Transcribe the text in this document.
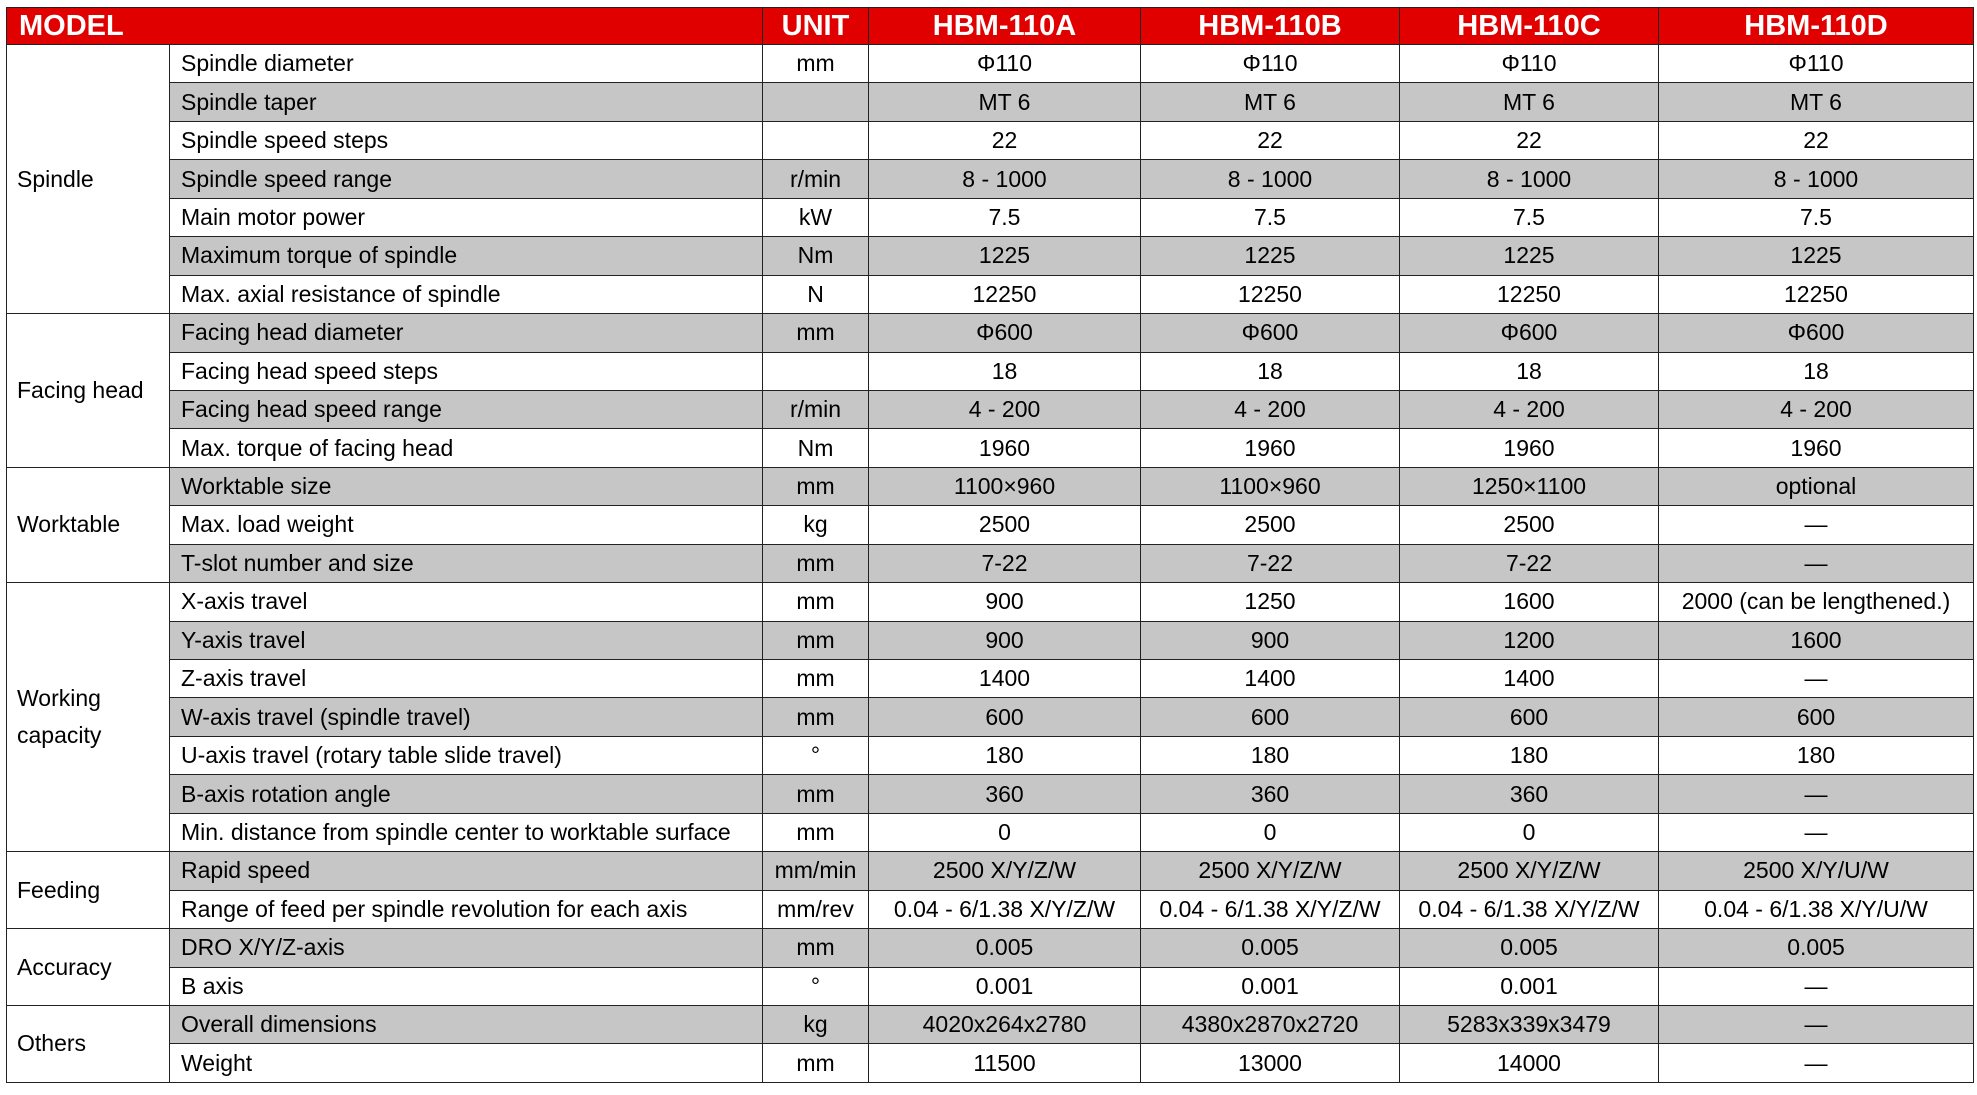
MODEL		UNIT	HBM-110A	HBM-110B	HBM-110C	HBM-110D
Spindle	Spindle diameter	mm	Φ110	Φ110	Φ110	Φ110
	Spindle taper		MT 6	MT 6	MT 6	MT 6
	Spindle speed steps		22	22	22	22
	Spindle speed range	r/min	8 - 1000	8 - 1000	8 - 1000	8 - 1000
	Main motor power	kW	7.5	7.5	7.5	7.5
	Maximum torque of spindle	Nm	1225	1225	1225	1225
	Max. axial resistance of spindle	N	12250	12250	12250	12250
Facing head	Facing head diameter	mm	Φ600	Φ600	Φ600	Φ600
	Facing head speed steps		18	18	18	18
	Facing head speed range	r/min	4 - 200	4 - 200	4 - 200	4 - 200
	Max. torque of facing head	Nm	1960	1960	1960	1960
Worktable	Worktable size	mm	1100×960	1100×960	1250×1100	optional
	Max. load weight	kg	2500	2500	2500	—
	T-slot number and size	mm	7-22	7-22	7-22	—
Working capacity	X-axis travel	mm	900	1250	1600	2000 (can be lengthened.)
	Y-axis travel	mm	900	900	1200	1600
	Z-axis travel	mm	1400	1400	1400	—
	W-axis travel (spindle travel)	mm	600	600	600	600
	U-axis travel (rotary table slide travel)	°	180	180	180	180
	B-axis rotation angle	mm	360	360	360	—
	Min. distance from spindle center to worktable surface	mm	0	0	0	—
Feeding	Rapid speed	mm/min	2500 X/Y/Z/W	2500 X/Y/Z/W	2500 X/Y/Z/W	2500 X/Y/U/W
	Range of feed per spindle revolution for each axis	mm/rev	0.04 - 6/1.38 X/Y/Z/W	0.04 - 6/1.38 X/Y/Z/W	0.04 - 6/1.38 X/Y/Z/W	0.04 - 6/1.38 X/Y/U/W
Accuracy	DRO X/Y/Z-axis	mm	0.005	0.005	0.005	0.005
	B axis	°	0.001	0.001	0.001	—
Others	Overall dimensions	kg	4020x264x2780	4380x2870x2720	5283x339x3479	—
	Weight	mm	11500	13000	14000	—
